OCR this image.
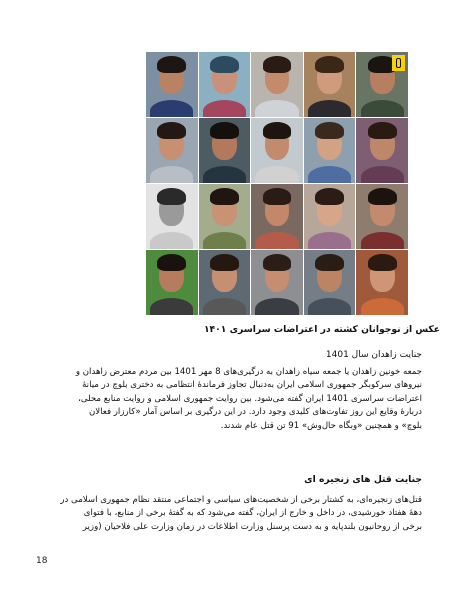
عکس از نوجوانان کشته در اعتراضات سراسری ۱۴۰۱
جنایت زاهدان سال 1401
جمعه خونین زاهدان یا جمعه سیاه زاهدان به درگیری‌های 8 مهر 1401 بین مردم معترض زاهدان و
نیروهای سرکوبگر جمهوری اسلامی ایران به‌دنبال تجاوز فرماندهٔ انتظامی به دختری بلوچ در میانهٔ
اعتراضات سراسری 1401 ایران گفته می‌شود. بین روایت جمهوری اسلامی و روایت منابع محلی،
دربارهٔ وقایع این روز تفاوت‌های کلیدی وجود دارد. در این درگیری بر اساس آمار «کارزار فعالان
بلوچ» و همچنین «وبگاه حال‌وش» 91 تن قتل عام شدند.
جنایت قتل های زنجیره ای
قتل‌های زنجیره‌ای، به کشتار برخی از شخصیت‌های سیاسی و اجتماعی منتقد نظام جمهوری اسلامی در
دههٔ هفتاد خورشیدی، در داخل و خارج از ایران، گفته می‌شود که به گفتهٔ برخی از منابع، با فتوای
برخی از روحانیون بلندپایه و به دست پرسنل وزارت اطلاعات در زمان وزارت علی فلاحیان (وزیر
18
